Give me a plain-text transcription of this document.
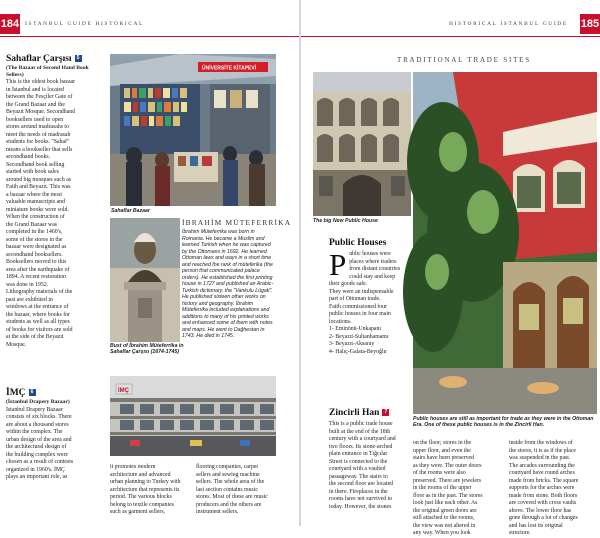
184 ISTANBUL GUIDE HISTORICAL
Sahaflar Çarşısı 5
(The Bazaar of Second Hand Book Sellers)
This is the oldest book bazaar
in İstanbul and is located
between the Fesçiler Gate of
the Grand Bazaar and the
Beyazıt Mosque. Secondhand
booksellers used to open
stores around madrasahs to
meet the needs of madrasah
students for books. "Sahaf"
means a bookseller that sells
secondhand books.
Secondhand book selling
started with book sales
around big mosques such as
Fatih and Beyazıt. This was
a bazaar where the most
valuable manuscripts and
miniature books were sold.
When the construction of
the Grand Bazaar was
completed in the 1460's,
some of the stores in the
bazaar were designated as
secondhand booksellers.
Booksellers moved to this
area after the earthquake of
1894. A recent restoration
was done in 1952.
Lithography materials of the
past are exhibited in
windows at the entrance of
the bazaar, where books for
students as well as all types
of books for visitors are sold
at the side of the Beyazıt
Mosque.
İMÇ 6
(İstanbul Drapery Bazaar)
İstanbul Drapery Bazaar
consists of six blocks. There
are about a thousand stores
within the complex. The
urban design of the area and
the architectural design of
the building complex were
chosen as a result of contests
organized in 1960's. İMÇ
plays an important role, as
ÜNİVERSİTE KİTAPEVİ
Sahaflar Bazaar
Bust of İbrahim Müteferrika in Sahaflar Çarşısı (1674-1745)
İBRAHİM MÜTEFERRİKA
İbrahim Müteferrika was born in
Romania. He became a Muslim and
learned Turkish when he was captured
by the Ottomans in 1692. He learned
Ottoman laws and ways in a short time
and reached the rank of müteferika (the
person that communicated palace
orders). He established the first printing
house in 1727 and published an Arabic-
Turkish dictionary, the "Vankulu Lügati".
He published sixteen other works on
history and geography. İbrahim
Müteferrika included explanations and
additions to many of his printed works
and enhanced some of them with notes
and maps. He went to Dağhestan in
1743. He died in 1745.
İMÇ
it promotes modern
architecture and advanced
urban planning to Turkey with
architecture that represents its
period. The various blocks
belong to textile companies
such as garment sellers,
flooring companies, carpet
sellers and sewing machine
sellers. The whole area of the
last section contains music
stores. Most of these are music
producers and the others are
instrument sellers.
HISTORICAL İSTANBUL GUIDE 185
TRADITIONAL TRADE SITES
The big New Public House
Public Houses
P ublic houses were
places where traders
from distant countries
could stay and keep
their goods safe.
They were an indispensable
part of Ottoman trade.
Faith commissioned four
public houses in four main
locations.
1- Eminönü-Unkapanı
2- Beyazıt-Sultanhamamı
3- Beyazıt-Aksaray
4- Halıç-Galata-Beyoğlu
Public houses are still as important for trade as they were in the Ottoman Era. One of these public houses is in the Zincirli Han.
Zincirli Han 7
This is a public trade house
built at the end of the 18th
century with a courtyard and
two floors. Its stone-arched
plain entrance in Tığcılar
Street is connected to the
courtyard with a vaulted
passageway. The stairs to
the second floor are located
in there. Fireplaces in the
rooms have not survived to
today. However, the stones
on the floor; stores in the
upper floor, and even the
stairs have been preserved
as they were. The outer doors
of the rooms were also
preserved. There are jewelers
in the rooms of the upper
floor as in the past. The stores
look just like each other. As
the original green doors are
still attached to the rooms,
the view was not altered in
any way. When you look
inside from the windows of
the stores, it is as if the place
was suspended in the past.
The arcades surrounding the
courtyard have round arches
made from bricks. The square
supports for the arches were
made from stone. Both floors
are covered with cross vaults
above. The lower floor has
gone through a lot of changes
and has lost its original
structure.
